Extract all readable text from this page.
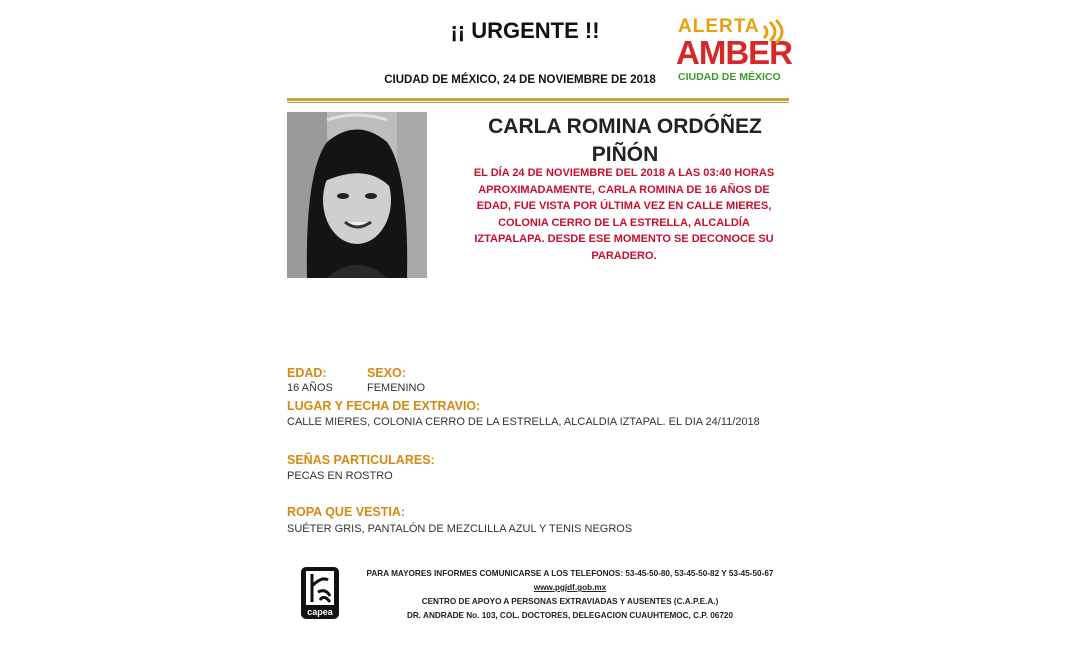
¡¡ URGENTE !!
CIUDAD DE MÉXICO, 24 DE NOVIEMBRE DE 2018
ALERTA
AMBER
CIUDAD DE MÉXICO
CARLA ROMINA ORDÓÑEZ
PIÑÓN
EL DÍA 24 DE NOVIEMBRE DEL 2018 A LAS 03:40 HORAS
APROXIMADAMENTE, CARLA ROMINA DE 16 AÑOS DE
EDAD, FUE VISTA POR ÚLTIMA VEZ EN CALLE MIERES,
COLONIA CERRO DE LA ESTRELLA, ALCALDÍA
IZTAPALAPA. DESDE ESE MOMENTO SE DECONOCE SU
PARADERO.
EDAD:
16 AÑOS
SEXO:
FEMENINO
LUGAR Y FECHA DE EXTRAVIO:
CALLE MIERES, COLONIA CERRO DE LA ESTRELLA, ALCALDIA IZTAPAL. EL DIA 24/11/2018
SEÑAS PARTICULARES:
PECAS EN ROSTRO
ROPA QUE VESTIA:
SUÉTER GRIS, PANTALÓN DE MEZCLILLA AZUL Y TENIS NEGROS
capea
PARA MAYORES INFORMES COMUNICARSE A LOS TELEFONOS: 53-45-50-80, 53-45-50-82 Y 53-45-50-67
www.pgjdf.gob.mx
CENTRO DE APOYO A PERSONAS EXTRAVIADAS Y AUSENTES (C.A.P.E.A.)
DR. ANDRADE No. 103, COL. DOCTORES, DELEGACION CUAUHTEMOC, C.P. 06720
